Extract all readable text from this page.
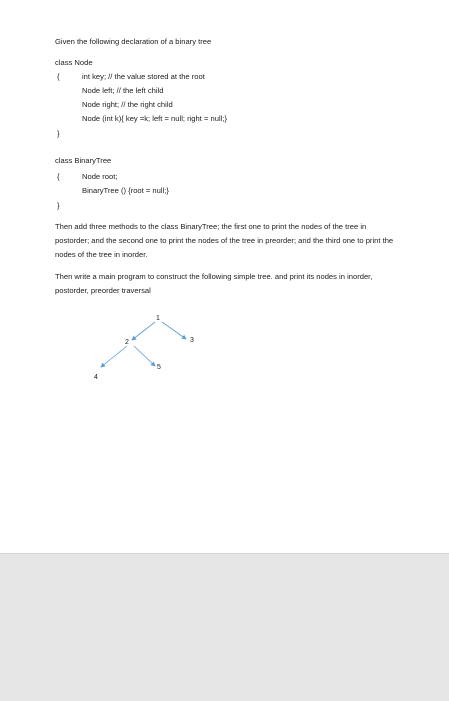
Given the following declaration of a binary tree
class Node
{	int key; // the value stored at the root
Node left; // the left child
Node right; // the right child
Node (int k){ key =k; left = null; right = null;}
}
class BinaryTree
{	Node root;
BinaryTree () {root = null;}
}
Then add three methods to the class BinaryTree; the first one to print the nodes of the tree in postorder; and the second one to print the nodes of the tree in preorder; and the third one to print the nodes of the tree in inorder.
Then write a main program to construct the following simple tree. and print its nodes in inorder, postorder, preorder traversal
1
2	3
4
5
